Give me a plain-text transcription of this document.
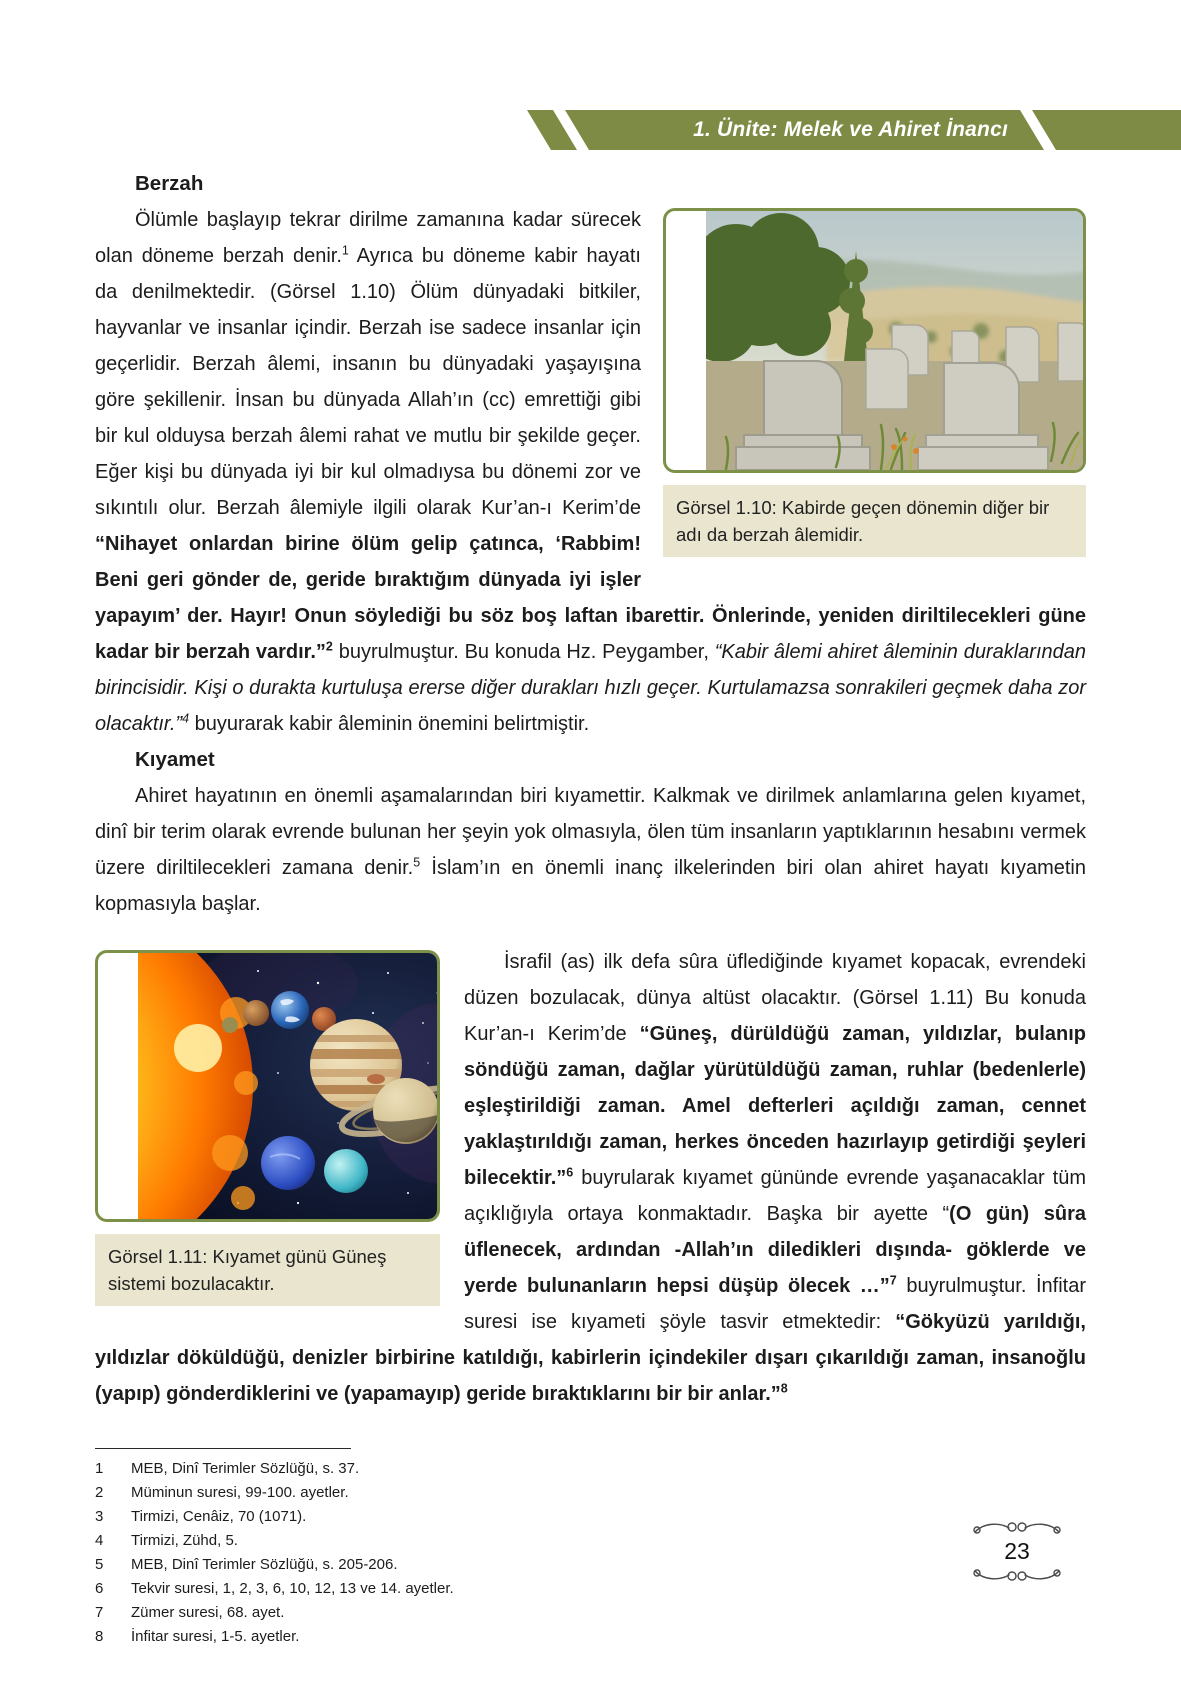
1. Ünite: Melek ve Ahiret İnancı
Berzah
Görsel 1.10: Kabirde geçen dönemin diğer bir adı da berzah âlemidir.
Ölümle başlayıp tekrar dirilme zamanına kadar sürecek olan döneme berzah denir.$^1$ Ayrıca bu döneme kabir hayatı da denilmektedir. (Görsel 1.10) Ölüm dünyadaki bitkiler, hayvanlar ve insanlar içindir. Berzah ise sadece insanlar için geçerlidir. Berzah âlemi, insanın bu dünyadaki yaşayışına göre şekillenir. İnsan bu dünyada Allah’ın (cc) emrettiği gibi bir kul olduysa berzah âlemi rahat ve mutlu bir şekilde geçer. Eğer kişi bu dünyada iyi bir kul olmadıysa bu dönemi zor ve sıkıntılı olur. Berzah âlemiyle ilgili olarak Kur’an-ı Kerim’de “Nihayet onlardan birine ölüm gelip çatınca, ‘Rabbim! Beni geri gönder de, geride bıraktığım dünyada iyi işler yapayım’ der. Hayır! Onun söylediği bu söz boş laftan ibarettir. Önlerinde, yeniden diriltilecekleri güne kadar bir berzah vardır.”$^2$ buyrulmuştur. Bu konuda Hz. Peygamber, “Kabir âlemi ahiret âleminin duraklarından birincisidir. Kişi o durakta kurtuluşa ererse diğer durakları hızlı geçer. Kurtulamazsa sonrakileri geçmek daha zor olacaktır.”$^4$ buyurarak kabir âleminin önemini belirtmiştir.
Kıyamet
Ahiret hayatının en önemli aşamalarından biri kıyamettir. Kalkmak ve dirilmek anlamlarına gelen kıyamet, dinî bir terim olarak evrende bulunan her şeyin yok olmasıyla, ölen tüm insanların yaptıklarının hesabını vermek üzere diriltilecekleri zamana denir.$^5$ İslam’ın en önemli inanç ilkelerinden biri olan ahiret hayatı kıyametin kopmasıyla başlar.
Görsel 1.11: Kıyamet günü Güneş sistemi bozulacaktır.
İsrafil (as) ilk defa sûra üflediğinde kıyamet kopacak, evrendeki düzen bozulacak, dünya altüst olacaktır. (Görsel 1.11) Bu konuda Kur’an-ı Kerim’de “Güneş, dürüldüğü zaman, yıldızlar, bulanıp söndüğü zaman, dağlar yürütüldüğü zaman, ruhlar (bedenlerle) eşleştirildiği zaman. Amel defterleri açıldığı zaman, cennet yaklaştırıldığı zaman, herkes önceden hazırlayıp getirdiği şeyleri bilecektir.”$^6$ buyrularak kıyamet gününde evrende yaşanacaklar tüm açıklığıyla ortaya konmaktadır. Başka bir ayette “(O gün) sûra üflenecek, ardından -Allah’ın diledikleri dışında- göklerde ve yerde bulunanların hepsi düşüp ölecek …”$^7$ buyrulmuştur. İnfitar suresi ise kıyameti şöyle tasvir etmektedir: “Gökyüzü yarıldığı, yıldızlar döküldüğü, denizler birbirine katıldığı, kabirlerin içindekiler dışarı çıkarıldığı zaman, insanoğlu (yapıp) gönderdiklerini ve (yapamayıp) geride bıraktıklarını bir bir anlar.”$^8$
1	MEB, Dinî Terimler Sözlüğü, s. 37.
2	Müminun suresi, 99-100. ayetler.
3	Tirmizi, Cenâiz, 70 (1071).
4	Tirmizi, Zühd, 5.
5	MEB, Dinî Terimler Sözlüğü, s. 205-206.
6	Tekvir suresi, 1, 2, 3, 6, 10, 12, 13 ve 14. ayetler.
7	Zümer suresi, 68. ayet.
8	İnfitar suresi, 1-5. ayetler.
23
